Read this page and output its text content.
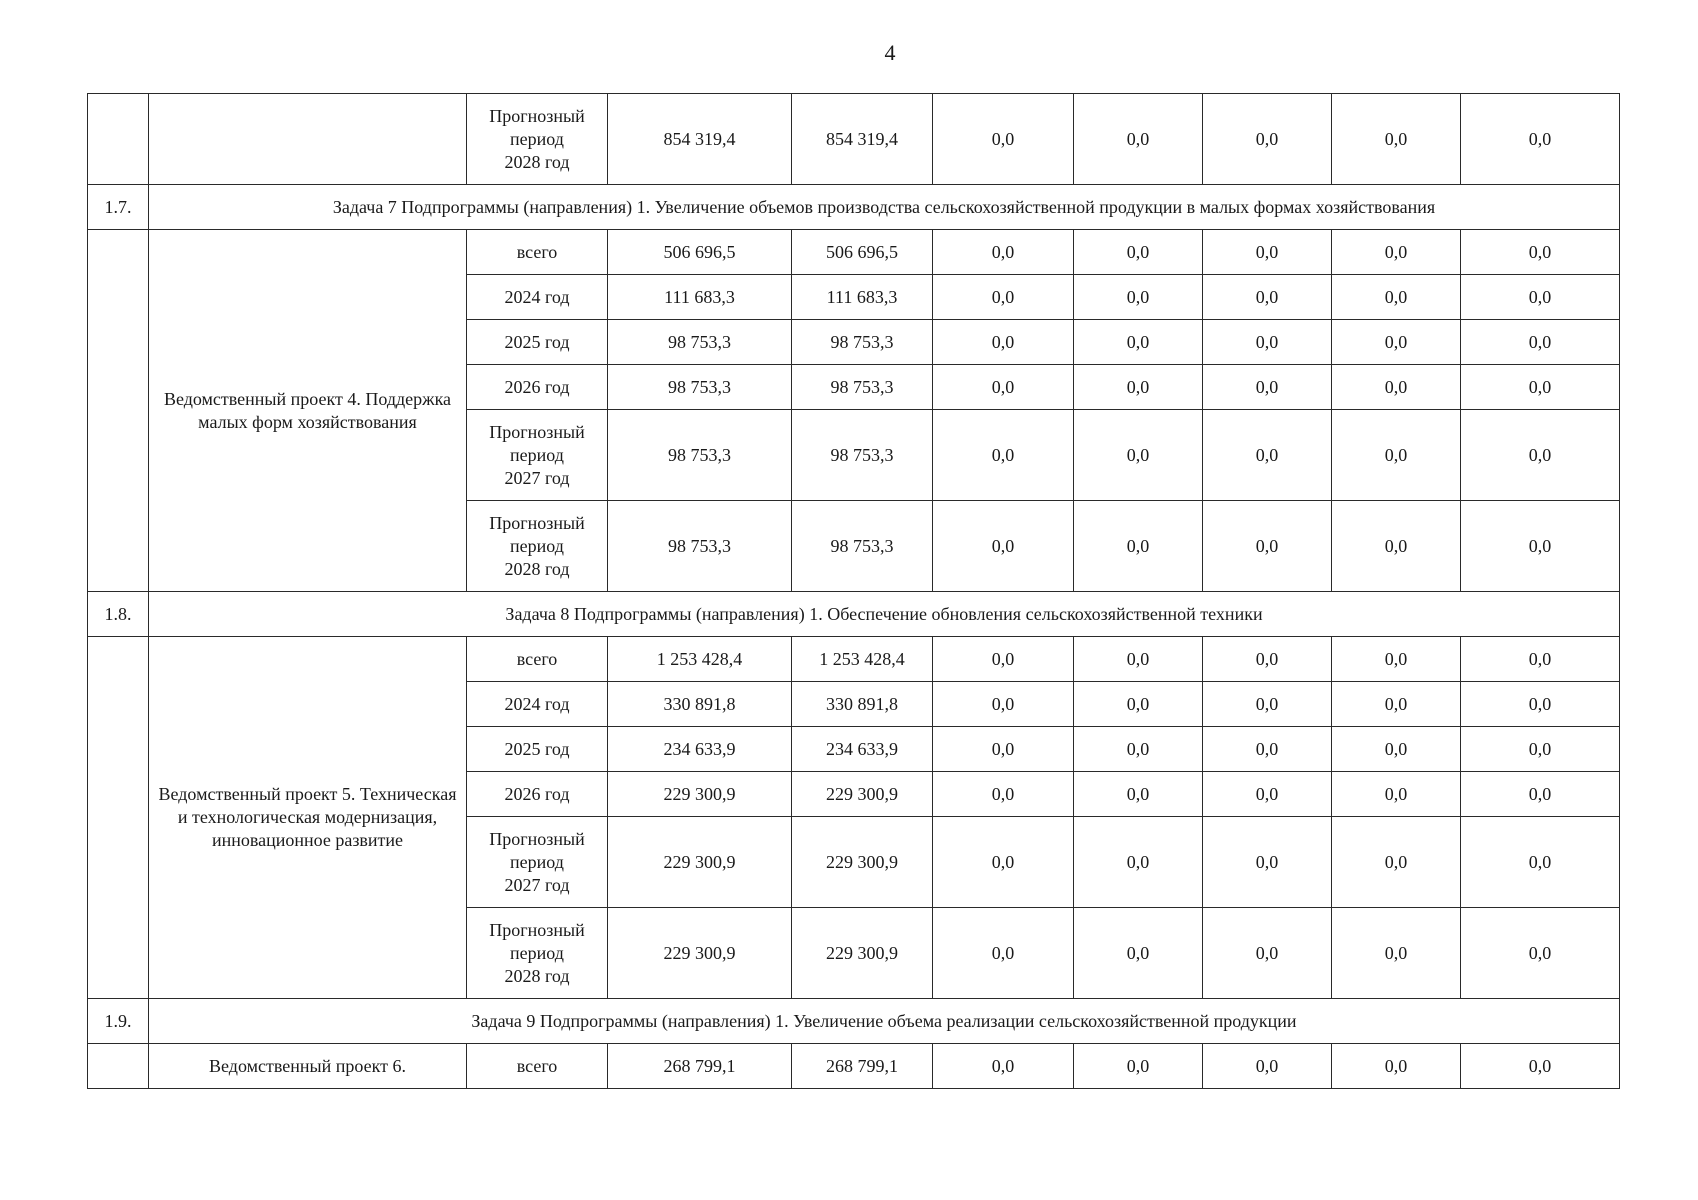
4
		Прогнозный
период
2028 год	854 319,4	854 319,4	0,0	0,0	0,0	0,0	0,0
1.7.	Задача 7 Подпрограммы (направления) 1. Увеличение объемов производства сельскохозяйственной продукции в малых формах хозяйствования								
	Ведомственный проект 4. Поддержка малых форм хозяйствования	всего	506 696,5	506 696,5	0,0	0,0	0,0	0,0	0,0
		2024 год	111 683,3	111 683,3	0,0	0,0	0,0	0,0	0,0
		2025 год	98 753,3	98 753,3	0,0	0,0	0,0	0,0	0,0
		2026 год	98 753,3	98 753,3	0,0	0,0	0,0	0,0	0,0
		Прогнозный
период
2027 год	98 753,3	98 753,3	0,0	0,0	0,0	0,0	0,0
		Прогнозный
период
2028 год	98 753,3	98 753,3	0,0	0,0	0,0	0,0	0,0
1.8.	Задача 8 Подпрограммы (направления) 1. Обеспечение обновления сельскохозяйственной техники								
	Ведомственный проект 5. Техническая и технологическая модернизация, инновационное развитие	всего	1 253 428,4	1 253 428,4	0,0	0,0	0,0	0,0	0,0
		2024 год	330 891,8	330 891,8	0,0	0,0	0,0	0,0	0,0
		2025 год	234 633,9	234 633,9	0,0	0,0	0,0	0,0	0,0
		2026 год	229 300,9	229 300,9	0,0	0,0	0,0	0,0	0,0
		Прогнозный
период
2027 год	229 300,9	229 300,9	0,0	0,0	0,0	0,0	0,0
		Прогнозный
период
2028 год	229 300,9	229 300,9	0,0	0,0	0,0	0,0	0,0
1.9.	Задача 9 Подпрограммы (направления) 1. Увеличение объема реализации сельскохозяйственной продукции								
	Ведомственный проект 6.	всего	268 799,1	268 799,1	0,0	0,0	0,0	0,0	0,0
